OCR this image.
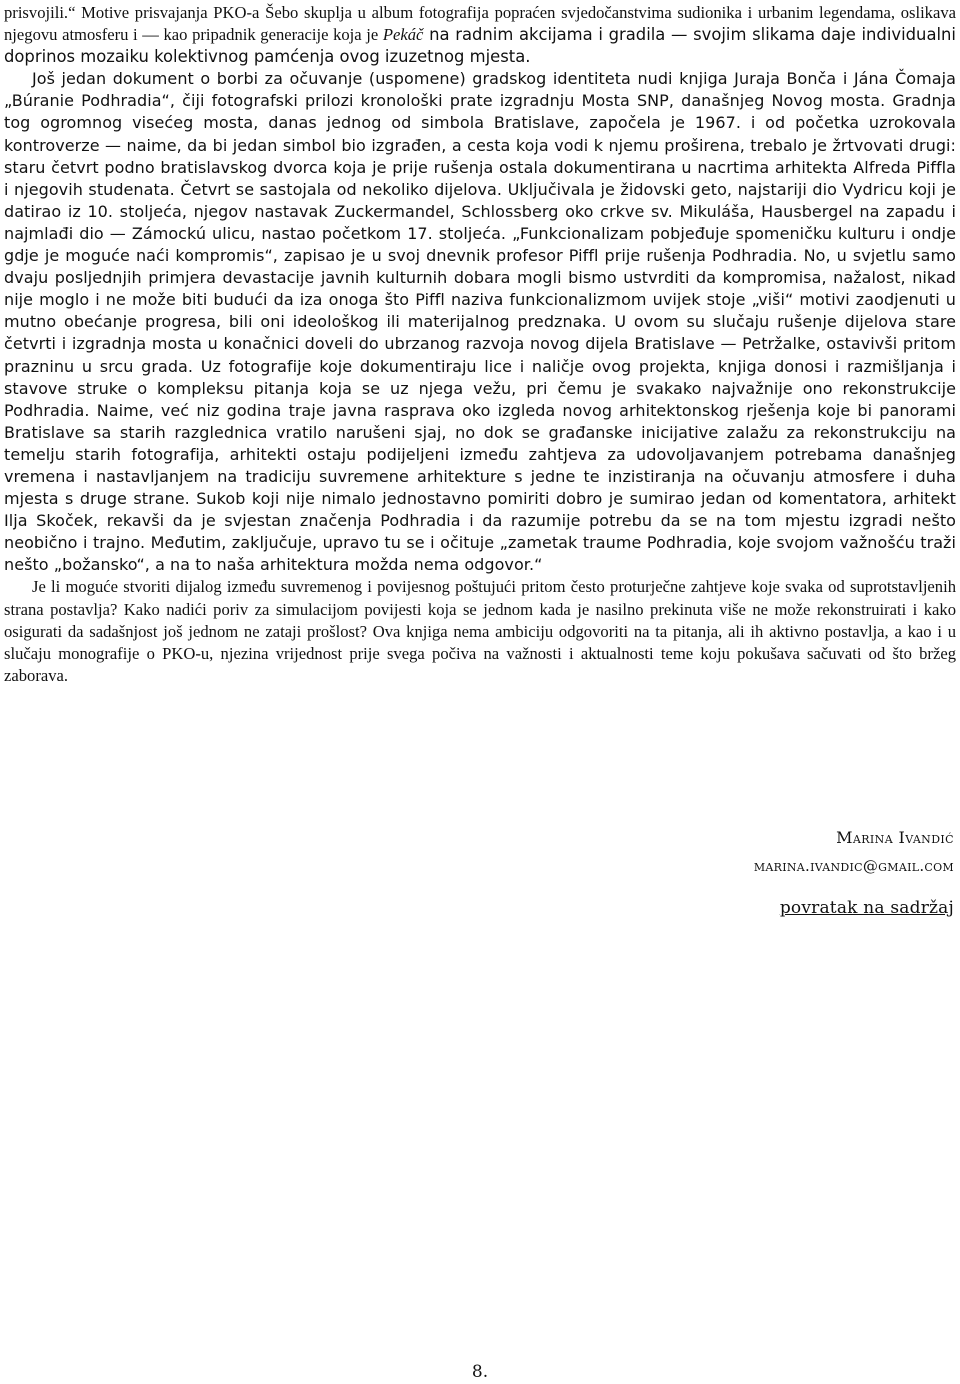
prisvojili.“ Motive prisvajanja PKO-a Šebo skuplja u album fotografija popraćen svjedočanstvima sudionika i urbanim legendama, oslikava njegovu atmosferu i — kao pripadnik generacije koja je Pekáč na radnim akcijama i gradila — svojim slikama daje individualni doprinos mozaiku kolektivnog pamćenja ovog izuzetnog mjesta.

Još jedan dokument o borbi za očuvanje (uspomene) gradskog identiteta nudi knjiga Juraja Bonča i Jána Čomaja „Búranie Podhradia“, čiji fotografski prilozi kronološki prate izgradnju Mosta SNP, današnjeg Novog mosta. Gradnja tog ogromnog visećeg mosta, danas jednog od simbola Bratislave, započela je 1967. i od početka uzrokovala kontroverze — naime, da bi jedan simbol bio izgrađen, a cesta koja vodi k njemu proširena, trebalo je žrtvovati drugi: staru četvrt podno bratislavskog dvorca koja je prije rušenja ostala dokumentirana u nacrtima arhitekta Alfreda Piffla i njegovih studenata. Četvrt se sastojala od nekoliko dijelova. Uključivala je židovski geto, najstariji dio Vydricu koji je datirao iz 10. stoljeća, njegov nastavak Zuckermandel, Schlossberg oko crkve sv. Mikuláša, Hausbergel na zapadu i najmlađi dio — Zámockú ulicu, nastao početkom 17. stoljeća. „Funkcionalizam pobjeđuje spomeničku kulturu i ondje gdje je moguće naći kompromis“, zapisao je u svoj dnevnik profesor Piffl prije rušenja Podhradia. No, u svjetlu samo dvaju posljednjih primjera devastacije javnih kulturnih dobara mogli bismo ustvrditi da kompromisa, nažalost, nikad nije moglo i ne može biti budući da iza onoga što Piffl naziva funkcionalizmom uvijek stoje „viši“ motivi zaodjenuti u mutno obećanje progresa, bili oni ideološkog ili materijalnog predznaka. U ovom su slučaju rušenje dijelova stare četvrti i izgradnja mosta u konačnici doveli do ubrzanog razvoja novog dijela Bratislave — Petržalke, ostavivši pritom prazninu u srcu grada. Uz fotografije koje dokumentiraju lice i naličje ovog projekta, knjiga donosi i razmišljanja i stavove struke o kompleksu pitanja koja se uz njega vežu, pri čemu je svakako najvažnije ono rekonstrukcije Podhradia. Naime, već niz godina traje javna rasprava oko izgleda novog arhitektonskog rješenja koje bi panorami Bratislave sa starih razglednica vratilo narušeni sjaj, no dok se građanske inicijative zalažu za rekonstrukciju na temelju starih fotografija, arhitekti ostaju podijeljeni između zahtjeva za udovoljavanjem potrebama današnjeg vremena i nastavljanjem na tradiciju suvremene arhitekture s jedne te inzistiranja na očuvanju atmosfere i duha mjesta s druge strane. Sukob koji nije nimalo jednostavno pomiriti dobro je sumirao jedan od komentatora, arhitekt Ilja Skoček, rekavši da je svjestan značenja Podhradia i da razumije potrebu da se na tom mjestu izgradi nešto neobično i trajno. Međutim, zaključuje, upravo tu se i očituje „zametak traume Podhradia, koje svojom važnošću traži nešto „božansko“, a na to naša arhitektura možda nema odgovor.“

Je li moguće stvoriti dijalog između suvremenog i povijesnog poštujući pritom često proturječne zahtjeve koje svaka od suprotstavljenih strana postavlja? Kako nadići poriv za simulacijom povijesti koja se jednom kada je nasilno prekinuta više ne može rekonstruirati i kako osigurati da sadašnjost još jednom ne zataji prošlost? Ova knjiga nema ambiciju odgovoriti na ta pitanja, ali ih aktivno postavlja, a kao i u slučaju monografije o PKO-u, njezina vrijednost prije svega počiva na važnosti i aktualnosti teme koju pokušava sačuvati od što bržeg zaborava.

Marina Ivandić
marina.ivandic@gmail.com
povratak na sadržaj
8.
